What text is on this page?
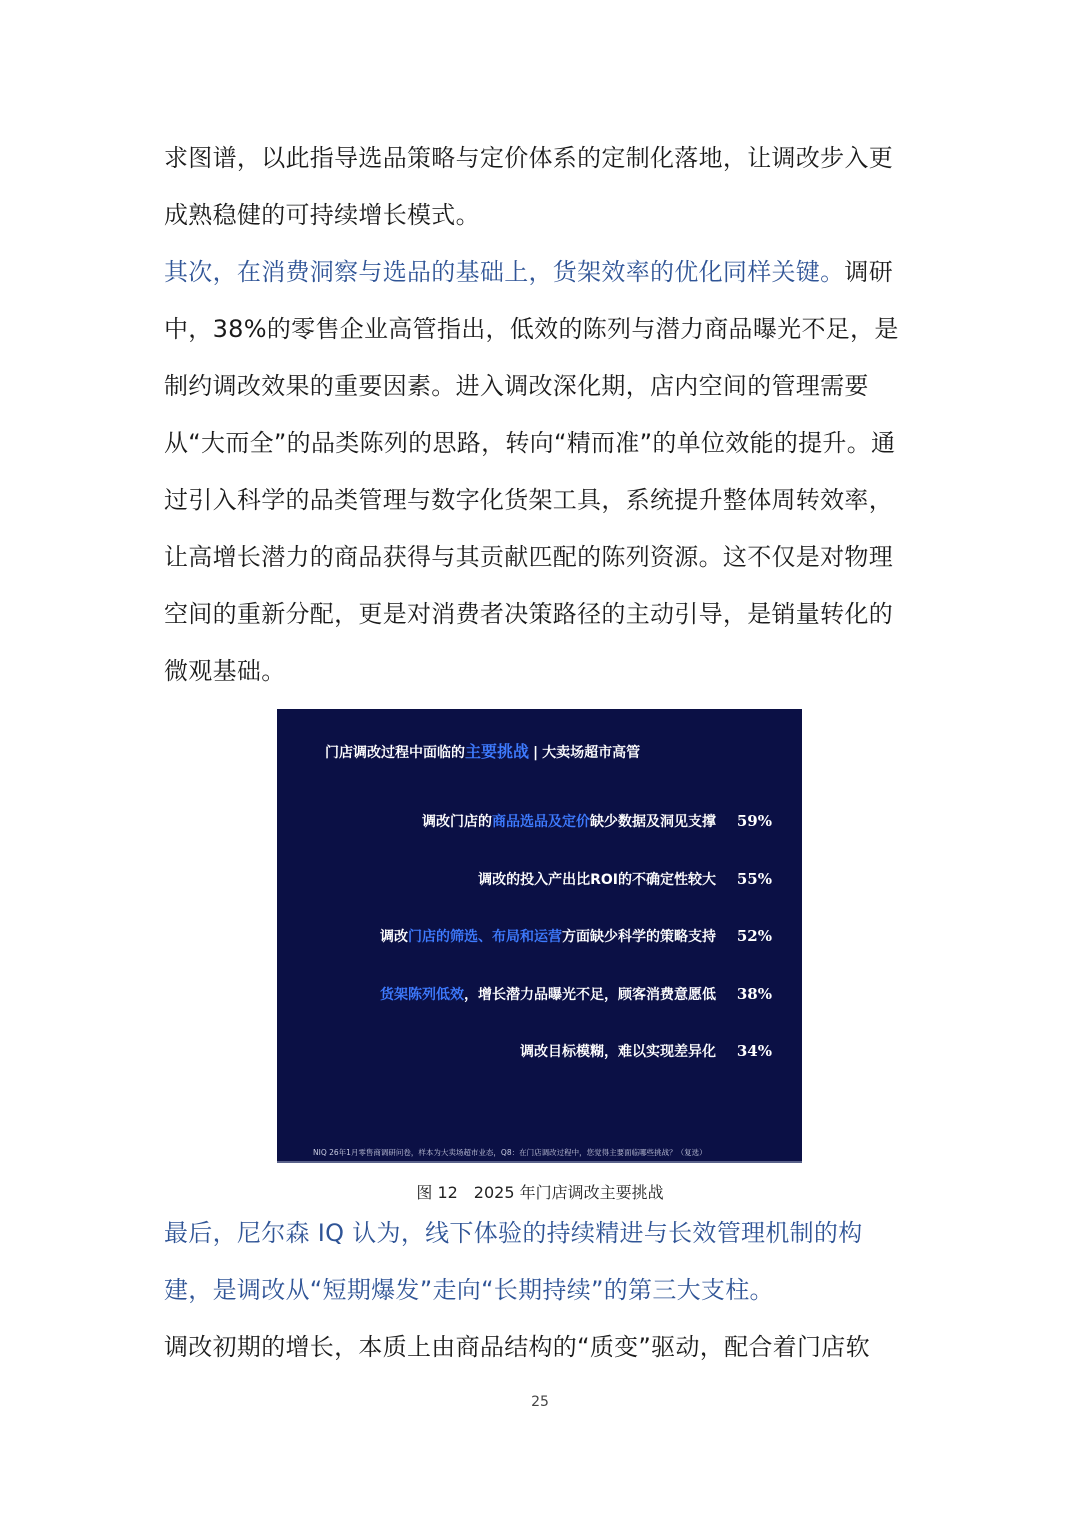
求图谱，以此指导选品策略与定价体系的定制化落地，让调改步入更成熟稳健的可持续增长模式。

其次，在消费洞察与选品的基础上，货架效率的优化同样关键。调研中，38%的零售企业高管指出，低效的陈列与潜力商品曝光不足，是制约调改效果的重要因素。进入调改深化期，店内空间的管理需要从“大而全”的品类陈列的思路，转向“精而准”的单位效能的提升。通过引入科学的品类管理与数字化货架工具，系统提升整体周转效率，让高增长潜力的商品获得与其贡献匹配的陈列资源。这不仅是对物理空间的重新分配，更是对消费者决策路径的主动引导，是销量转化的微观基础。

门店调改过程中面临的主要挑战 | 大卖场超市高管
调改门店的商品选品及定价缺少数据及洞见支撑	59%
调改的投入产出比ROI的不确定性较大	55%
调改门店的筛选、布局和运营方面缺少科学的策略支持	52%
货架陈列低效，增长潜力品曝光不足，顾客消费意愿低	38%
调改目标模糊，难以实现差异化	34%
NIQ 26年1月零售商调研问卷，样本为大卖场超市业态，Q8：在门店调改过程中，您觉得主要面临哪些挑战？（复选）
图 12　2025 年门店调改主要挑战

最后，尼尔森 IQ 认为，线下体验的持续精进与长效管理机制的构建，是调改从“短期爆发”走向“长期持续”的第三大支柱。

调改初期的增长，本质上由商品结构的“质变”驱动，配合着门店软

25
